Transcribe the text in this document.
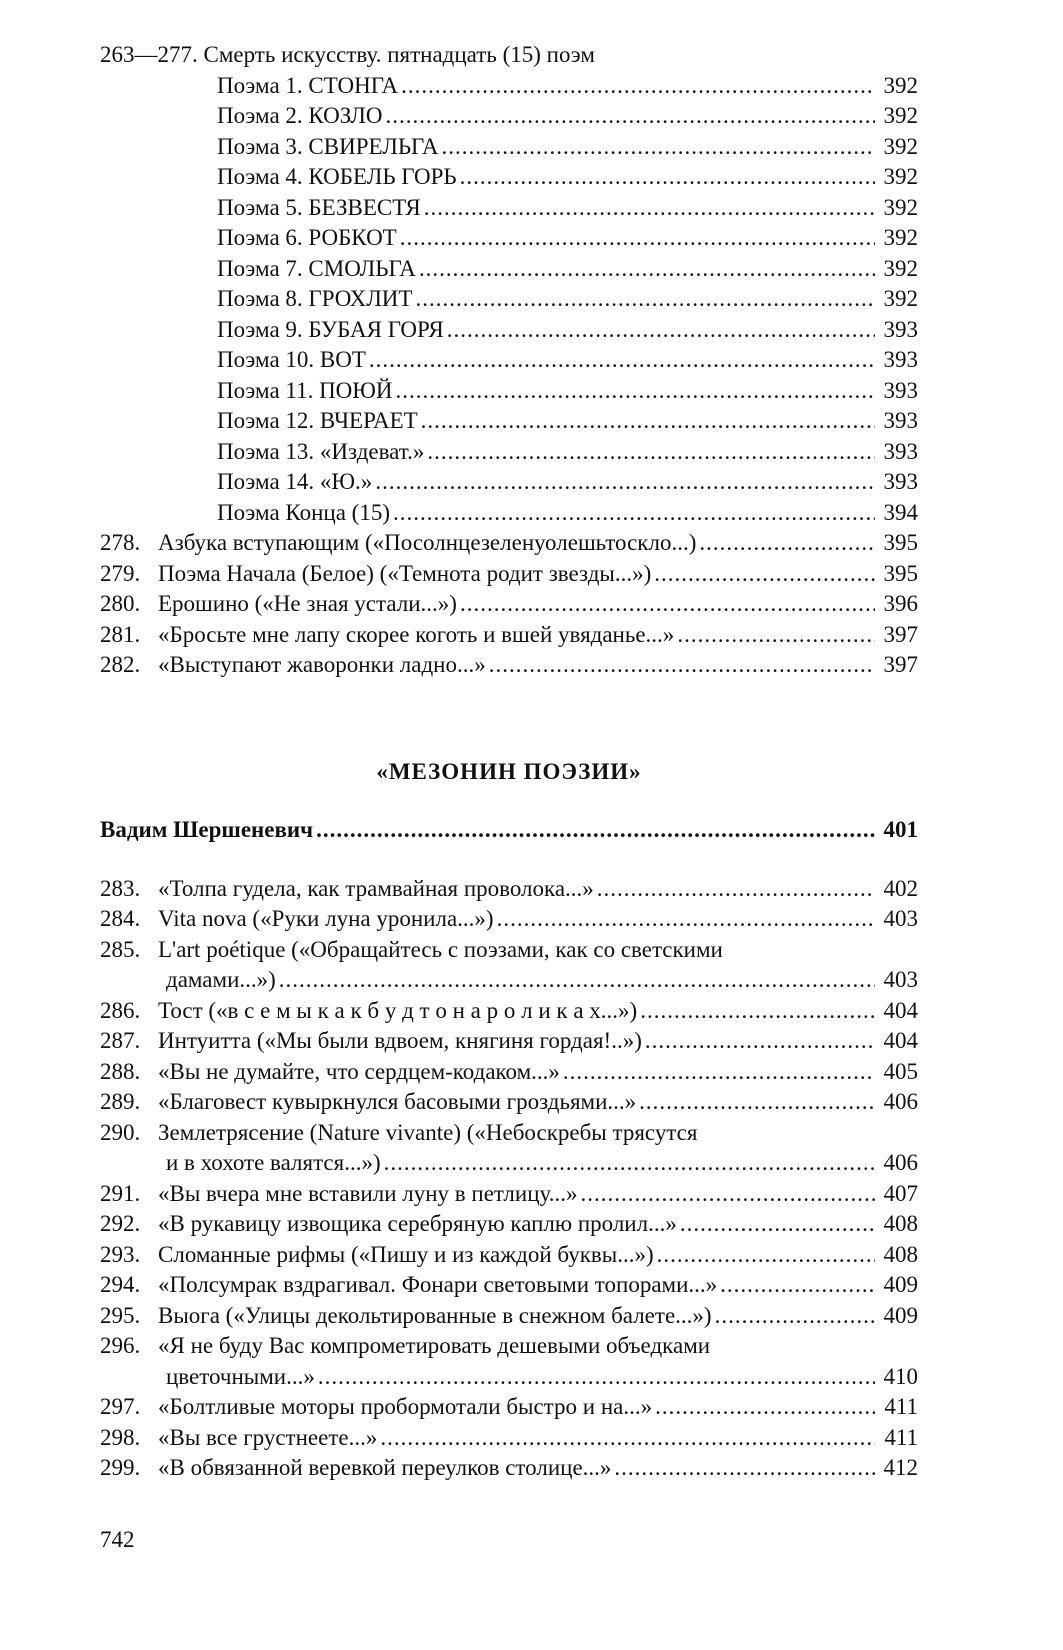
263—277. Смерть искусству. пятнадцать (15) поэм
Поэма 1. СТОНГА .....	392
Поэма 2. КОЗЛО .....	392
Поэма 3. СВИРЕЛЬГА .....	392
Поэма 4. КОБЕЛЬ ГОРЬ .....	392
Поэма 5. БЕЗВЕСТЯ .....	392
Поэма 6. РОБКОТ .....	392
Поэма 7. СМОЛЬГА .....	392
Поэма 8. ГРОХЛИТ .....	392
Поэма 9. БУБАЯ ГОРЯ .....	393
Поэма 10. ВОТ .....	393
Поэма 11. ПОЮЙ .....	393
Поэма 12. ВЧЕРАЕТ .....	393
Поэма 13. «Издеват.» .....	393
Поэма 14. «Ю.» .....	393
Поэма Конца (15) .....	394
278. Азбука вступающим («Посолнцезеленуолешьтоскло...) .....	395
279. Поэма Начала (Белое) («Темнота родит звезды...») .....	395
280. Ерошино («Не зная устали...») .....	396
281. «Бросьте мне лапу скорее коготь и вшей увяданье...» .....	397
282. «Выступают жаворонки ладно...» .....	397
«МЕЗОНИН ПОЭЗИИ»
Вадим Шершеневич .....	401
283. «Толпа гудела, как трамвайная проволока...» .....	402
284. Vita nova («Руки луна уронила...») .....	403
285. L'art poétique («Обращайтесь с поэзами, как со светскими
дамами...») .....	403
286. Тост («в с е м ы к а к б у д т о н а р о л и к а х...») .....	404
287. Интуитта («Мы были вдвоем, княгиня гордая!..») .....	404
288. «Вы не думайте, что сердцем-кодаком...» .....	405
289. «Благовест кувыркнулся басовыми гроздьями...» .....	406
290. Землетрясение (Nature vivante) («Небоскребы трясутся
и в хохоте валятся...») .....	406
291. «Вы вчера мне вставили луну в петлицу...» .....	407
292. «В рукавицу извощика серебряную каплю пролил...» .....	408
293. Сломанные рифмы («Пишу и из каждой буквы...») .....	408
294. «Полсумрак вздрагивал. Фонари световыми топорами...» .....	409
295. Выога («Улицы декольтированные в снежном балете...») .....	409
296. «Я не буду Вас компрометировать дешевыми объедками
цветочными...» .....	410
297. «Болтливые моторы пробормотали быстро и на...» .....	411
298. «Вы все грустнеете...» .....	411
299. «В обвязанной веревкой переулков столице...» .....	412
742
